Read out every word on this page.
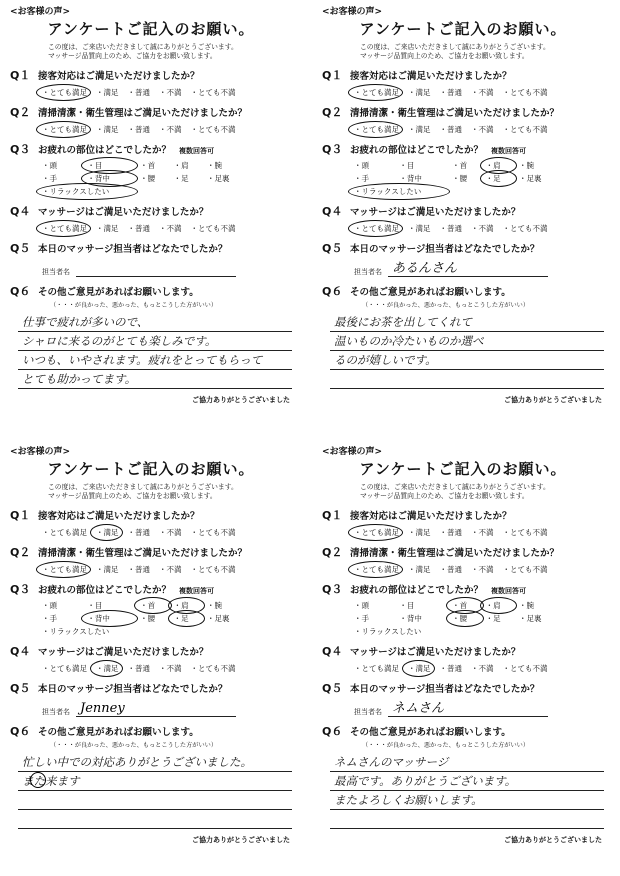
<お客様の声>
アンケートご記入のお願い。
この度は、ご来店いただきまして誠にありがとうございます。
マッサージ品質向上のため、ご協力をお願い致します。
Q１ 接客対応はご満足いただけましたか？
・とても満足 ・満足 ・普通 ・不満 ・とても不満
Q２ 清掃清潔・衛生管理はご満足いただけましたか？
・とても満足 ・満足 ・普通 ・不満 ・とても不満
Q３ お疲れの部位はどこでしたか？ 複数回答可
・頭	・目	・首	・肩	・腕
・手	・背中	・腰	・足	・足裏
・リラックスしたい
Q４ マッサージはご満足いただけましたか？
・とても満足 ・満足 ・普通 ・不満 ・とても不満
Q５ 本日のマッサージ担当者はどなたでしたか？
担当者名
Q６ その他ご意見があればお願いします。
（・・・が良かった、悪かった、もっとこうした方がいい）
仕事で疲れが多いので、
シャロに来るのがとても楽しみです。
いつも、いやされます。疲れをとってもらって
とても助かってます。
ご協力ありがとうございました
<お客様の声>
アンケートご記入のお願い。
この度は、ご来店いただきまして誠にありがとうございます。
マッサージ品質向上のため、ご協力をお願い致します。
Q１ 接客対応はご満足いただけましたか？
・とても満足 ・満足 ・普通 ・不満 ・とても不満
Q２ 清掃清潔・衛生管理はご満足いただけましたか？
・とても満足 ・満足 ・普通 ・不満 ・とても不満
Q３ お疲れの部位はどこでしたか？ 複数回答可
・頭	・目	・首	・肩	・腕
・手	・背中	・腰	・足	・足裏
・リラックスしたい
Q４ マッサージはご満足いただけましたか？
・とても満足 ・満足 ・普通 ・不満 ・とても不満
Q５ 本日のマッサージ担当者はどなたでしたか？
担当者名 あるんさん
Q６ その他ご意見があればお願いします。
（・・・が良かった、悪かった、もっとこうした方がいい）
最後にお茶を出してくれて
温いものか冷たいものか選べ
るのが嬉しいです。
ご協力ありがとうございました
<お客様の声>
アンケートご記入のお願い。
この度は、ご来店いただきまして誠にありがとうございます。
マッサージ品質向上のため、ご協力をお願い致します。
Q１ 接客対応はご満足いただけましたか？
・とても満足 ・満足 ・普通 ・不満 ・とても不満
Q２ 清掃清潔・衛生管理はご満足いただけましたか？
・とても満足 ・満足 ・普通 ・不満 ・とても不満
Q３ お疲れの部位はどこでしたか？ 複数回答可
・頭	・目	・首	・肩	・腕
・手	・背中	・腰	・足	・足裏
・リラックスしたい
Q４ マッサージはご満足いただけましたか？
・とても満足 ・満足 ・普通 ・不満 ・とても不満
Q５ 本日のマッサージ担当者はどなたでしたか？
担当者名 Jenney
Q６ その他ご意見があればお願いします。
（・・・が良かった、悪かった、もっとこうした方がいい）
忙しい中での対応ありがとうございました。
また来ます
ご協力ありがとうございました
<お客様の声>
アンケートご記入のお願い。
この度は、ご来店いただきまして誠にありがとうございます。
マッサージ品質向上のため、ご協力をお願い致します。
Q１ 接客対応はご満足いただけましたか？
・とても満足 ・満足 ・普通 ・不満 ・とても不満
Q２ 清掃清潔・衛生管理はご満足いただけましたか？
・とても満足 ・満足 ・普通 ・不満 ・とても不満
Q３ お疲れの部位はどこでしたか？ 複数回答可
・頭	・目	・首	・肩	・腕
・手	・背中	・腰	・足	・足裏
・リラックスしたい
Q４ マッサージはご満足いただけましたか？
・とても満足 ・満足 ・普通 ・不満 ・とても不満
Q５ 本日のマッサージ担当者はどなたでしたか？
担当者名 ネムさん
Q６ その他ご意見があればお願いします。
（・・・が良かった、悪かった、もっとこうした方がいい）
ネムさんのマッサージ
最高です。ありがとうございます。
またよろしくお願いします。
ご協力ありがとうございました
